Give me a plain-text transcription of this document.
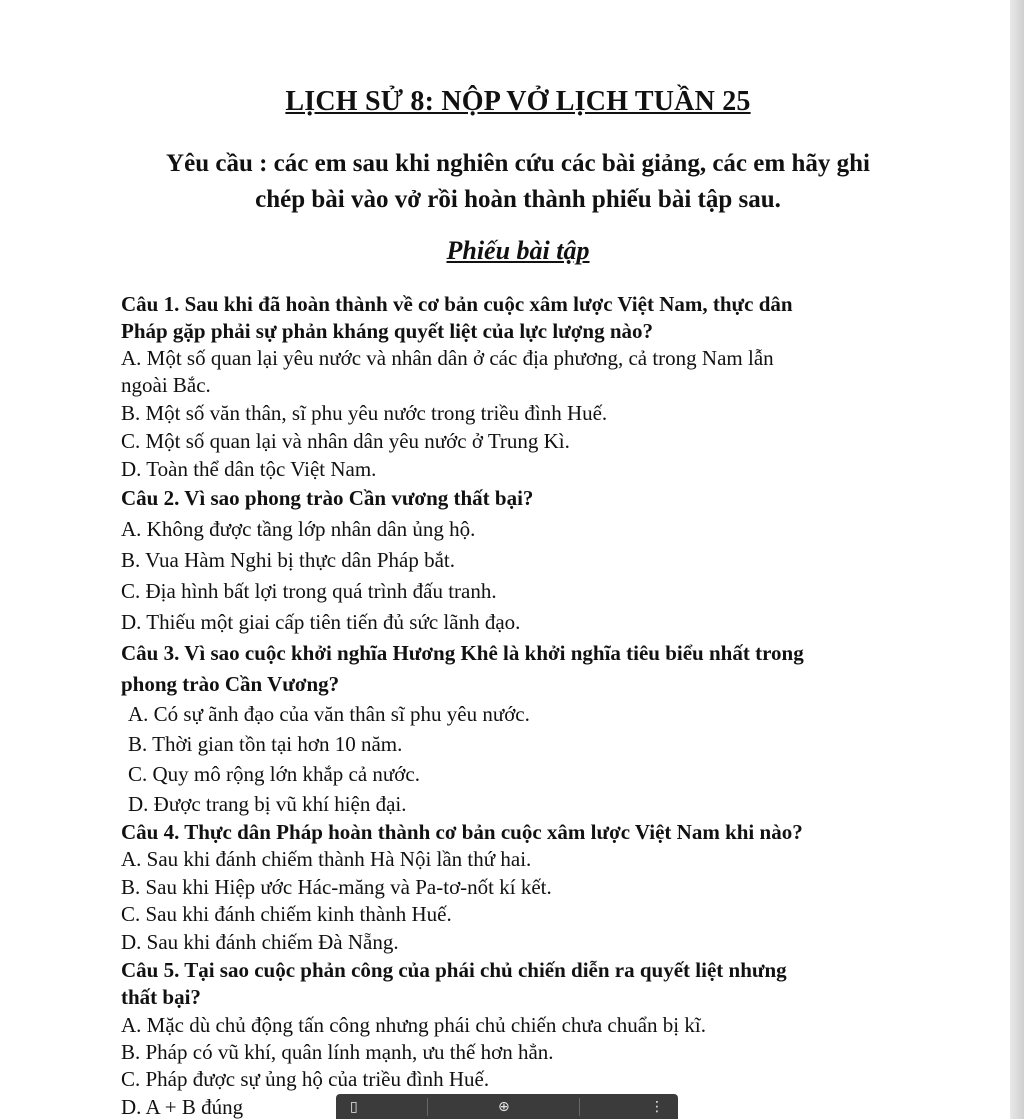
LỊCH SỬ 8: NỘP VỞ LỊCH TUẦN 25
Yêu cầu : các em sau khi nghiên cứu các bài giảng, các em hãy ghi
chép bài vào vở rồi hoàn thành phiếu bài tập sau.
Phiếu bài tập
Câu 1. Sau khi đã hoàn thành về cơ bản cuộc xâm lược Việt Nam, thực dân
Pháp gặp phải sự phản kháng quyết liệt của lực lượng nào?
A. Một số quan lại yêu nước và nhân dân ở các địa phương, cả trong Nam lẫn
ngoài Bắc.
B. Một số văn thân, sĩ phu yêu nước trong triều đình Huế.
C. Một số quan lại và nhân dân yêu nước ở Trung Kì.
D. Toàn thể dân tộc Việt Nam.
Câu 2. Vì sao phong trào Cần vương thất bại?
A. Không được tầng lớp nhân dân ủng hộ.
B. Vua Hàm Nghi bị thực dân Pháp bắt.
C. Địa hình bất lợi trong quá trình đấu tranh.
D. Thiếu một giai cấp tiên tiến đủ sức lãnh đạo.
Câu 3. Vì sao cuộc khởi nghĩa Hương Khê là khởi nghĩa tiêu biểu nhất trong
phong trào Cần Vương?
A. Có sự ãnh đạo của văn thân sĩ phu yêu nước.
B. Thời gian tồn tại hơn 10 năm.
C. Quy mô rộng lớn khắp cả nước.
D. Được trang bị vũ khí hiện đại.
Câu 4. Thực dân Pháp hoàn thành cơ bản cuộc xâm lược Việt Nam khi nào?
A. Sau khi đánh chiếm thành Hà Nội lần thứ hai.
B. Sau khi Hiệp ước Hác-măng và Pa-tơ-nốt kí kết.
C. Sau khi đánh chiếm kinh thành Huế.
D. Sau khi đánh chiếm Đà Nẵng.
Câu 5. Tại sao cuộc phản công của phái chủ chiến diễn ra quyết liệt nhưng
thất bại?
A. Mặc dù chủ động tấn công nhưng phái chủ chiến chưa chuẩn bị kĩ.
B. Pháp có vũ khí, quân lính mạnh, ưu thế hơn hẳn.
C. Pháp được sự ủng hộ của triều đình Huế.
D. A + B đúng	▯	⊕	⋮
